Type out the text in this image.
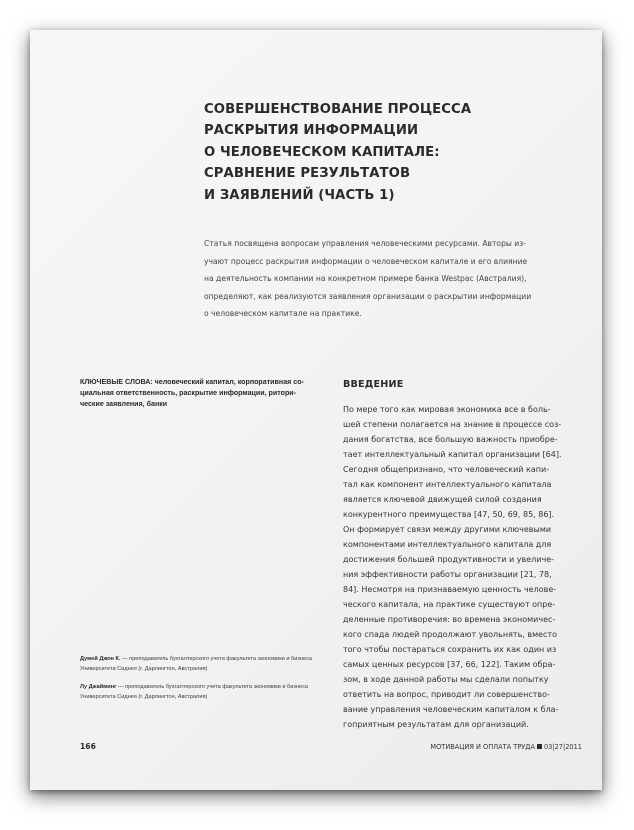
СОВЕРШЕНСТВОВАНИЕ ПРОЦЕССА
РАСКРЫТИЯ ИНФОРМАЦИИ
О ЧЕЛОВЕЧЕСКОМ КАПИТАЛЕ:
СРАВНЕНИЕ РЕЗУЛЬТАТОВ
И ЗАЯВЛЕНИЙ (ЧАСТЬ 1)

Статья посвящена вопросам управления человеческими ресурсами. Авторы из-
учают процесс раскрытия информации о человеческом капитале и его влияние
на деятельность компании на конкретном примере банка Westpac (Австралия),
определяют, как реализуются заявления организации о раскрытии информации
о человеческом капитале на практике.

КЛЮЧЕВЫЕ СЛОВА: человеческий капитал, корпоративная со-
циальная ответственность, раскрытие информации, ритори-
ческие заявления, банки

ВВЕДЕНИЕ

По мере того как мировая экономика все в боль-
шей степени полагается на знание в процессе соз-
дания богатства, все большую важность приобре-
тает интеллектуальный капитал организации [64].
Сегодня общепризнано, что человеческий капи-
тал как компонент интеллектуального капитала
является ключевой движущей силой создания
конкурентного преимущества [47, 50, 69, 85, 86].
Он формирует связи между другими ключевыми
компонентами интеллектуального капитала для
достижения большей продуктивности и увеличе-
ния эффективности работы организации [21, 78,
84]. Несмотря на признаваемую ценность челове-
ческого капитала, на практике существуют опре-
деленные противоречия: во времена экономичес-
кого спада людей продолжают увольнять, вместо
того чтобы постараться сохранить их как один из
самых ценных ресурсов [37, 66, 122]. Таким обра-
зом, в ходе данной работы мы сделали попытку
ответить на вопрос, приводит ли совершенство-
вание управления человеческим капиталом к бла-
гоприятным результатам для организаций.

Думей Джон К. — преподаватель бухгалтерского учета факультета экономики и бизнеса
Университета Сиднея (г. Дарлингтон, Австралия)

Лу Джайминг — преподаватель бухгалтерского учета факультета экономики и бизнеса
Университета Сиднея (г. Дарлингтон, Австралия)

166	МОТИВАЦИЯ И ОПЛАТА ТРУДА 03|27|2011
